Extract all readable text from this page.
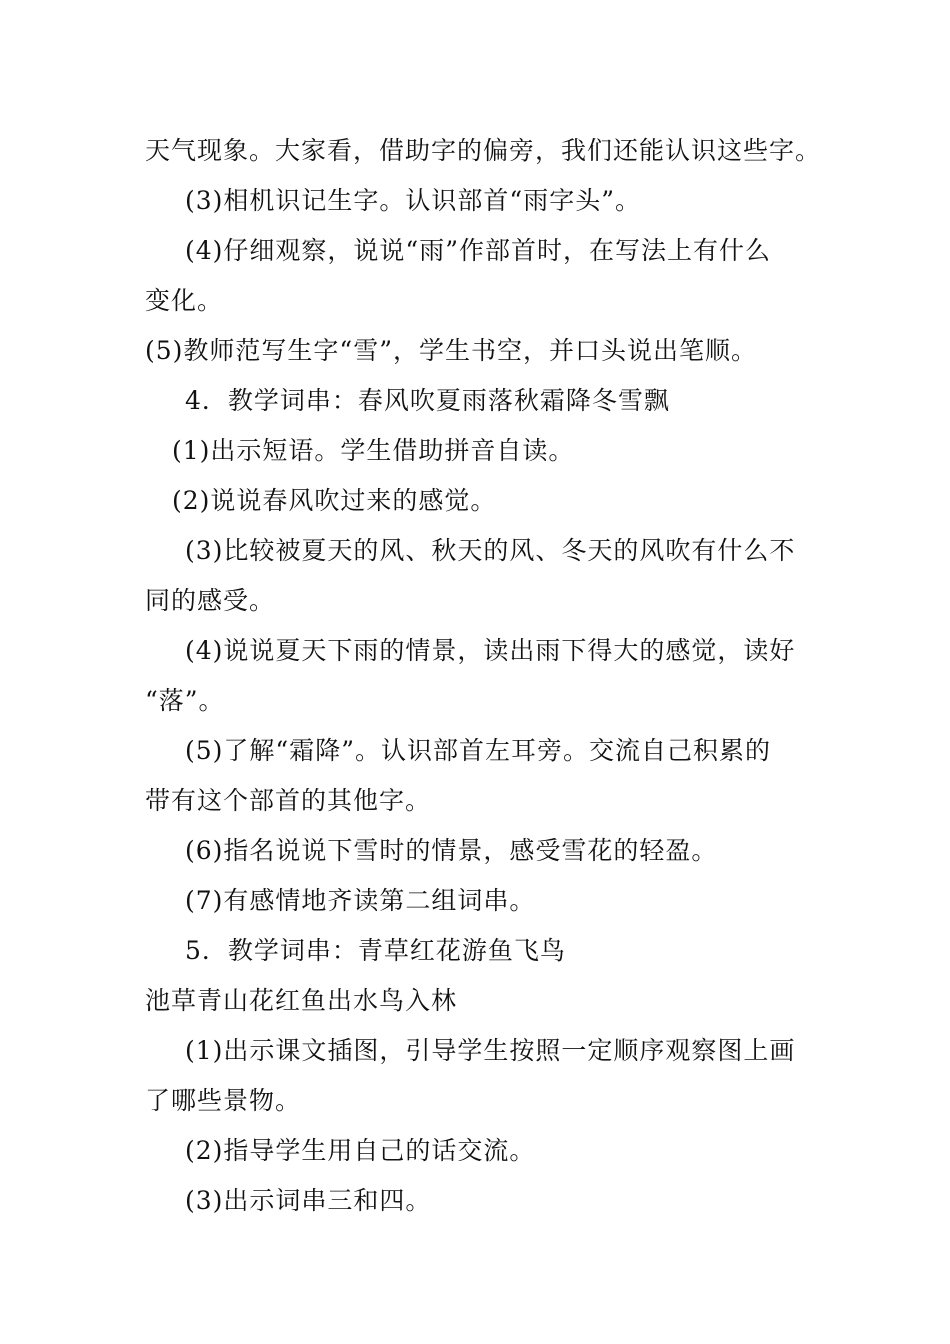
天气现象。大家看，借助字的偏旁，我们还能认识这些字。
(3)相机识记生字。认识部首“雨字头”。
(4)仔细观察，说说“雨”作部首时，在写法上有什么
变化。
(5)教师范写生字“雪”，学生书空，并口头说出笔顺。
4．教学词串：春风吹夏雨落秋霜降冬雪飘
(1)出示短语。学生借助拼音自读。
(2)说说春风吹过来的感觉。
(3)比较被夏天的风、秋天的风、冬天的风吹有什么不
同的感受。
(4)说说夏天下雨的情景，读出雨下得大的感觉，读好
“落”。
(5)了解“霜降”。认识部首左耳旁。交流自己积累的
带有这个部首的其他字。
(6)指名说说下雪时的情景，感受雪花的轻盈。
(7)有感情地齐读第二组词串。
5．教学词串：青草红花游鱼飞鸟
池草青山花红鱼出水鸟入林
(1)出示课文插图，引导学生按照一定顺序观察图上画
了哪些景物。
(2)指导学生用自己的话交流。
(3)出示词串三和四。
